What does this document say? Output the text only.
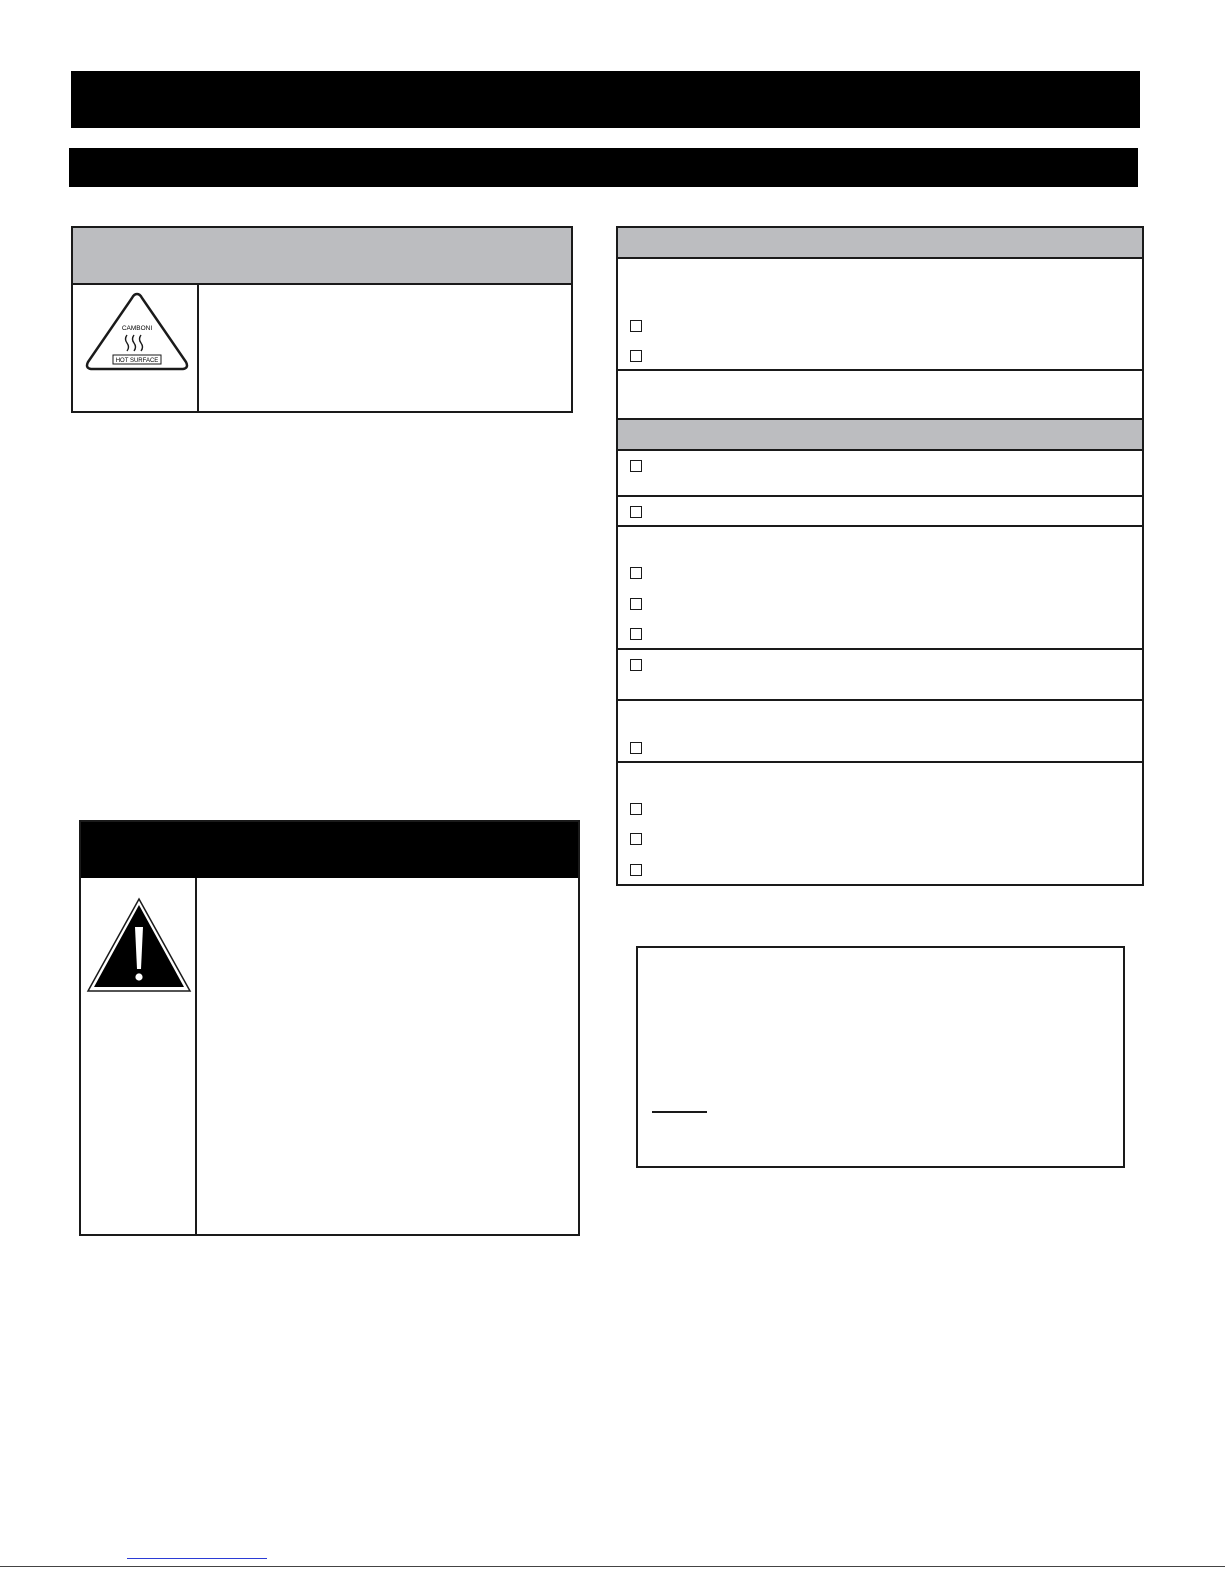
CAMBONI
HOT SURFACE
